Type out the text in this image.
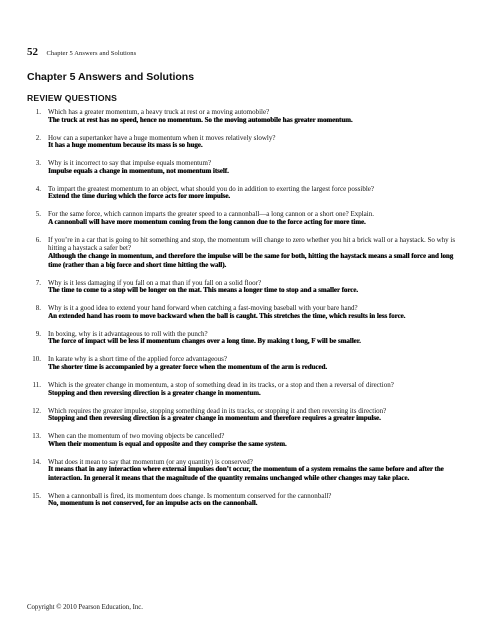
52 Chapter 5 Answers and Solutions
Chapter 5 Answers and Solutions
REVIEW QUESTIONS
1. Which has a greater momentum, a heavy truck at rest or a moving automobile?

The truck at rest has no speed, hence no momentum. So the moving automobile has greater momentum.

2. How can a supertanker have a huge momentum when it moves relatively slowly?

It has a huge momentum because its mass is so huge.

3. Why is it incorrect to say that impulse equals momentum?

Impulse equals a change in momentum, not momentum itself.

4. To impart the greatest momentum to an object, what should you do in addition to exerting the largest force possible?

Extend the time during which the force acts for more impulse.

5. For the same force, which cannon imparts the greater speed to a cannonball—a long cannon or a short one? Explain.

A cannonball will have more momentum coming from the long cannon due to the force acting for more time.

6. If you’re in a car that is going to hit something and stop, the momentum will change to zero whether you hit a brick wall or a haystack. So why is hitting a haystack a safer bet?

Although the change in momentum, and therefore the impulse will be the same for both, hitting the haystack means a small force and long time (rather than a big force and short time hitting the wall).

7. Why is it less damaging if you fall on a mat than if you fall on a solid floor?

The time to come to a stop will be longer on the mat. This means a longer time to stop and a smaller force.

8. Why is it a good idea to extend your hand forward when catching a fast-moving baseball with your bare hand?

An extended hand has room to move backward when the ball is caught. This stretches the time, which results in less force.

9. In boxing, why is it advantageous to roll with the punch?

The force of impact will be less if momentum changes over a long time. By making t long, F will be smaller.

10. In karate why is a short time of the applied force advantageous?

The shorter time is accompanied by a greater force when the momentum of the arm is reduced.

11. Which is the greater change in momentum, a stop of something dead in its tracks, or a stop and then a reversal of direction?

Stopping and then reversing direction is a greater change in momentum.

12. Which requires the greater impulse, stopping something dead in its tracks, or stopping it and then reversing its direction?

Stopping and then reversing direction is a greater change in momentum and therefore requires a greater impulse.

13. When can the momentum of two moving objects be cancelled?

When their momentum is equal and opposite and they comprise the same system.

14. What does it mean to say that momentum (or any quantity) is conserved?

It means that in any interaction where external impulses don’t occur, the momentum of a system remains the same before and after the interaction. In general it means that the magnitude of the quantity remains unchanged while other changes may take place.

15. When a cannonball is fired, its momentum does change. Is momentum conserved for the cannonball?

No, momentum is not conserved, for an impulse acts on the cannonball.

Copyright © 2010 Pearson Education, Inc.
